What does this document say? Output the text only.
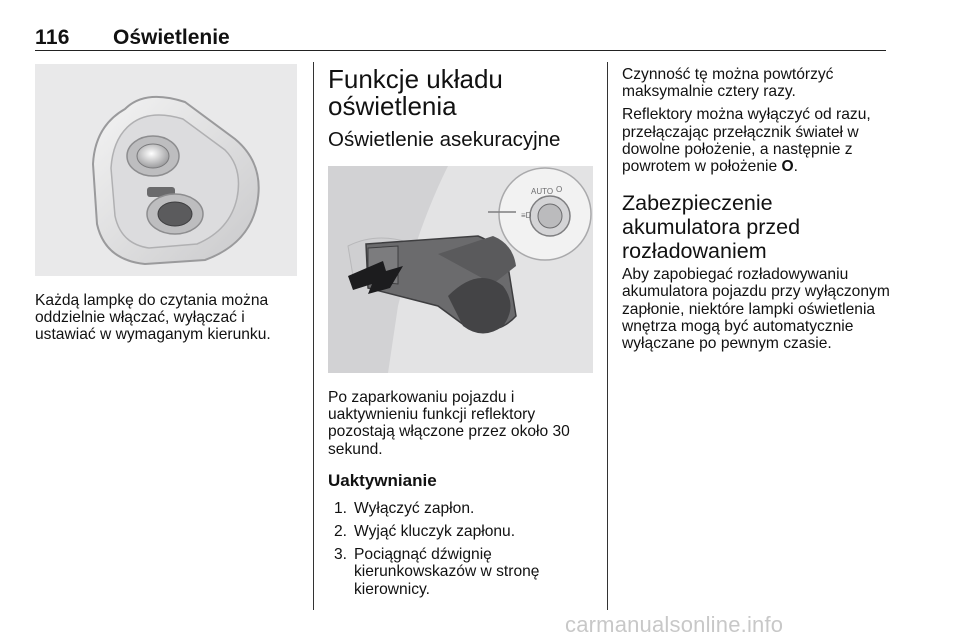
116 Oświetlenie

Każdą lampkę do czytania można oddzielnie włączać, wyłączać i ustawiać w wymaganym kierunku.

Funkcje układu
oświetlenia
Oświetlenie asekuracyjne
AUTO O
≡D

Po zaparkowaniu pojazdu i uaktywnieniu funkcji reflektory pozostają włączone przez około 30 sekund.

Uaktywnianie
1. Wyłączyć zapłon.
2. Wyjąć kluczyk zapłonu.
3. Pociągnąć dźwignię kierunkowskazów w stronę kierownicy.

Czynność tę można powtórzyć maksymalnie cztery razy.

Reflektory można wyłączyć od razu, przełączając przełącznik świateł w dowolne położenie, a następnie z powrotem w położenie O.

Zabezpieczenie
akumulatora przed
rozładowaniem

Aby zapobiegać rozładowywaniu akumulatora pojazdu przy wyłączonym zapłonie, niektóre lampki oświetlenia wnętrza mogą być automatycznie wyłączane po pewnym czasie.

carmanualsonline.info
